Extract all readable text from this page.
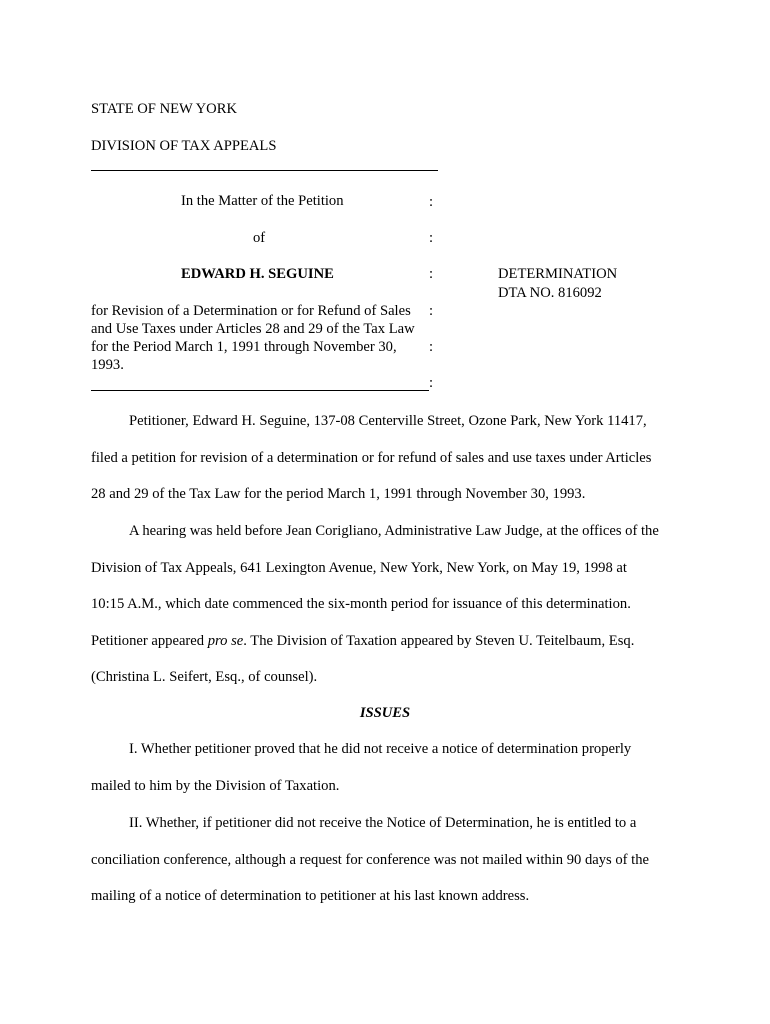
STATE OF NEW YORK
DIVISION OF TAX APPEALS
In the Matter of the Petition	:
of	:
EDWARD H. SEGUINE	:	DETERMINATION
DTA NO. 816092
for Revision of a Determination or for Refund of Sales
and Use Taxes under Articles 28 and 29 of the Tax Law
for the Period March 1, 1991 through November 30,
1993.
:
:
:
Petitioner, Edward H. Seguine, 137-08 Centerville Street, Ozone Park, New York 11417,
filed a petition for revision of a determination or for refund of sales and use taxes under Articles
28 and 29 of the Tax Law for the period March 1, 1991 through November 30, 1993.
A hearing was held before Jean Corigliano, Administrative Law Judge, at the offices of the
Division of Tax Appeals, 641 Lexington Avenue, New York, New York, on May 19, 1998 at
10:15 A.M., which date commenced the six-month period for issuance of this determination.
Petitioner appeared pro se. The Division of Taxation appeared by Steven U. Teitelbaum, Esq.
(Christina L. Seifert, Esq., of counsel).
ISSUES
I. Whether petitioner proved that he did not receive a notice of determination properly
mailed to him by the Division of Taxation.
II. Whether, if petitioner did not receive the Notice of Determination, he is entitled to a
conciliation conference, although a request for conference was not mailed within 90 days of the
mailing of a notice of determination to petitioner at his last known address.
